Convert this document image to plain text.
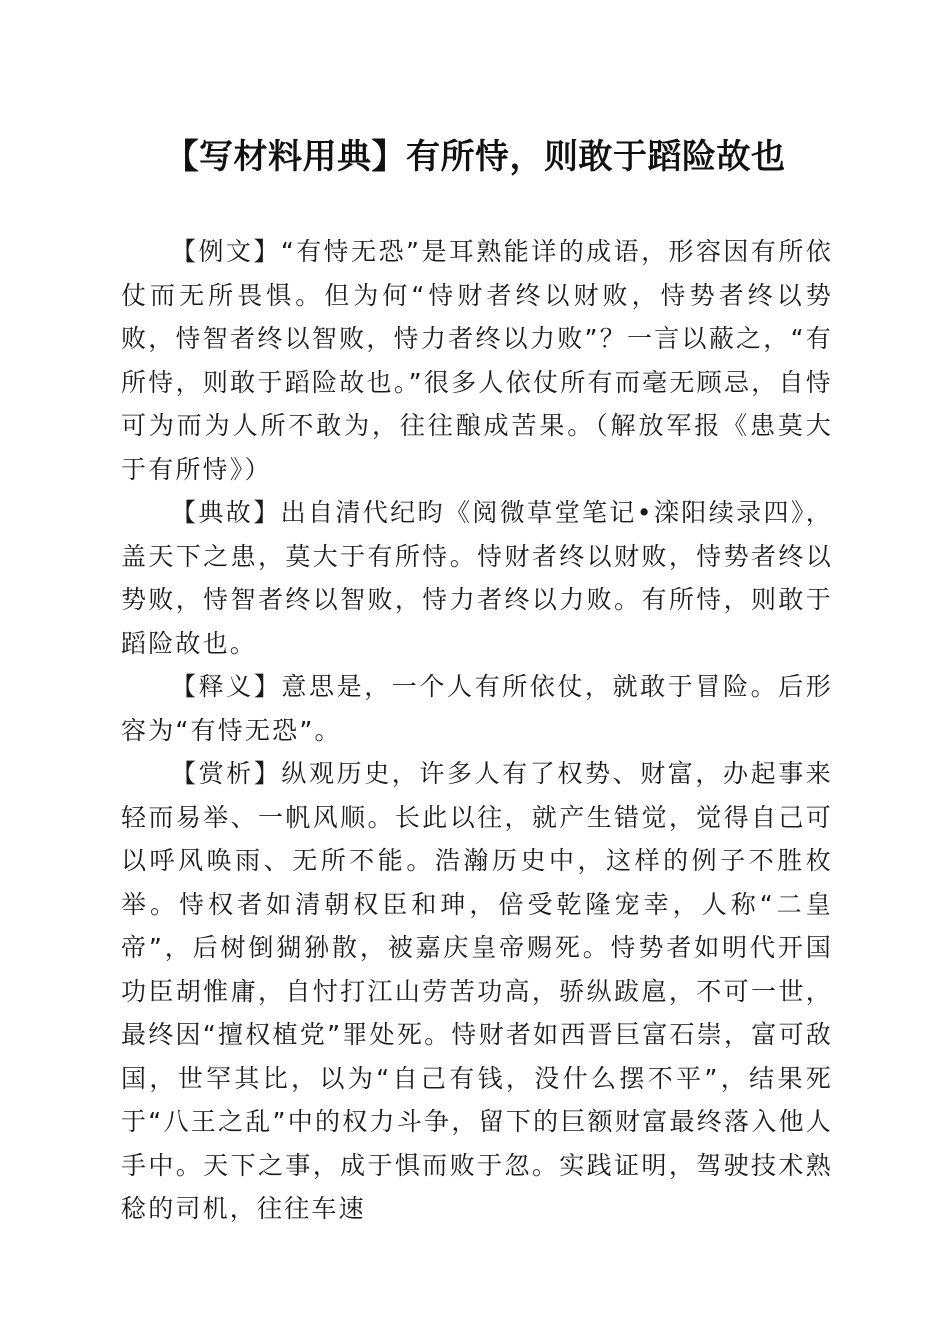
【写材料用典】有所恃，则敢于蹈险故也

【例文】“有恃无恐”是耳熟能详的成语，形容因有所依仗而无所畏惧。但为何“恃财者终以财败，恃势者终以势败，恃智者终以智败，恃力者终以力败”？一言以蔽之，“有所恃，则敢于蹈险故也。”很多人依仗所有而毫无顾忌，自恃可为而为人所不敢为，往往酿成苦果。（解放军报《患莫大于有所恃》）

【典故】出自清代纪昀《阅微草堂笔记•滦阳续录四》，盖天下之患，莫大于有所恃。恃财者终以财败，恃势者终以势败，恃智者终以智败，恃力者终以力败。有所恃，则敢于蹈险故也。

【释义】意思是，一个人有所依仗，就敢于冒险。后形容为“有恃无恐”。

【赏析】纵观历史，许多人有了权势、财富，办起事来轻而易举、一帆风顺。长此以往，就产生错觉，觉得自己可以呼风唤雨、无所不能。浩瀚历史中，这样的例子不胜枚举。恃权者如清朝权臣和珅，倍受乾隆宠幸，人称“二皇帝”，后树倒猢狲散，被嘉庆皇帝赐死。恃势者如明代开国功臣胡惟庸，自忖打江山劳苦功高，骄纵跋扈，不可一世，最终因“擅权植党”罪处死。恃财者如西晋巨富石崇，富可敌国，世罕其比，以为“自己有钱，没什么摆不平”，结果死于“八王之乱”中的权力斗争，留下的巨额财富最终落入他人手中。天下之事，成于惧而败于忽。实践证明，驾驶技术熟稔的司机，往往车速
